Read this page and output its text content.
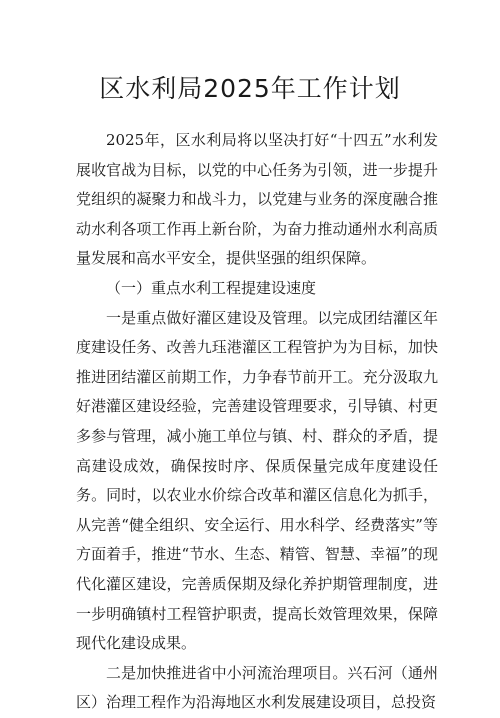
区水利局2025年工作计划

2025年，区水利局将以坚决打好“十四五”水利发展收官战为目标，以党的中心任务为引领，进一步提升党组织的凝聚力和战斗力，以党建与业务的深度融合推动水利各项工作再上新台阶，为奋力推动通州水利高质量发展和高水平安全，提供坚强的组织保障。

（一）重点水利工程提建设速度

一是重点做好灌区建设及管理。以完成团结灌区年度建设任务、改善九珏港灌区工程管护为为目标，加快推进团结灌区前期工作，力争春节前开工。充分汲取九好港灌区建设经验，完善建设管理要求，引导镇、村更多参与管理，减小施工单位与镇、村、群众的矛盾，提高建设成效，确保按时序、保质保量完成年度建设任务。同时，以农业水价综合改革和灌区信息化为抓手，从完善“健全组织、安全运行、用水科学、经费落实”等方面着手，推进“节水、生态、精管、智慧、幸福”的现代化灌区建设，完善质保期及绿化养护期管理制度，进一步明确镇村工程管护职责，提高长效管理效果，保障现代化建设成果。

二是加快推进省中小河流治理项目。兴石河（通州区）治理工程作为沿海地区水利发展建设项目，总投资
